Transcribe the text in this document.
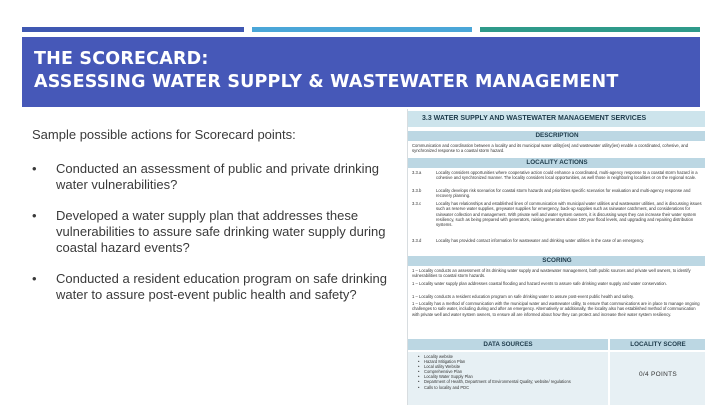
THE SCORECARD:
ASSESSING WATER SUPPLY & WASTEWATER MANAGEMENT
Sample possible actions for Scorecard points:
• Conducted an assessment of public and private drinking water vulnerabilities?
• Developed a water supply plan that addresses these vulnerabilities to assure safe drinking water supply during coastal hazard events?
• Conducted a resident education program on safe drinking water to assure post-event public health and safety?
3.3 WATER SUPPLY AND WASTEWATER MANAGEMENT SERVICES
DESCRIPTION
Communication and coordination between a locality and its municipal water utility(ies) and wastewater utility(ies) enable a coordinated, cohesive, and synchronized response to a coastal storm hazard.
LOCALITY ACTIONS
3.3.a	Locality considers opportunities where cooperative action could enhance a coordinated, multi-agency response to a coastal storm hazard in a cohesive and synchronized manner. The locality considers local opportunities, as well those in neighboring localities or on the regional scale.
3.3.b	Locality develops risk scenarios for coastal storm hazards and prioritizes specific scenarios for evaluation and multi-agency response and recovery planning.
3.3.c	Locality has relationships and established lines of communication with municipal water utilities and wastewater utilities, and is discussing issues such as reserve water supplies, greywater supplies for emergency, back-up supplies such as rainwater catchment, and considerations for rainwater collection and management. With private well and water system owners, it is discussing ways they can increase their water system resiliency, such as being prepared with generators, raising generators above 100 year flood levels, and upgrading and repairing distribution systems.
3.3.d	Locality has provided contact information for wastewater and drinking water utilities in the case of an emergency.
SCORING
1 – Locality conducts an assessment of its drinking water supply and wastewater management, both public sources and private well owners, to identify vulnerabilities to coastal storm hazards.
1 – Locality water supply plan addresses coastal flooding and hazard events to assure safe drinking water supply and water conservation.
1 – Locality conducts a resident education program on safe drinking water to assure post-event public health and safety.
1 – Locality has a method of communication with the municipal water and wastewater utility, to ensure that communications are in place to manage ongoing challenges to safe water, including during and after an emergency. Alternatively or additionally, the locality also has established method of communication with private well and water system owners, to ensure all are informed about how they can protect and increase their water system resiliency.
DATA SOURCES	LOCALITY SCORE
• Locality website
• Hazard Mitigation Plan
• Local utility Website
• Comprehensive Plan
• Locality Water Supply Plan
• Department of Health, Department of Environmental Quality; website/ regulations
• Calls to locality and PDC
0/4 POINTS
